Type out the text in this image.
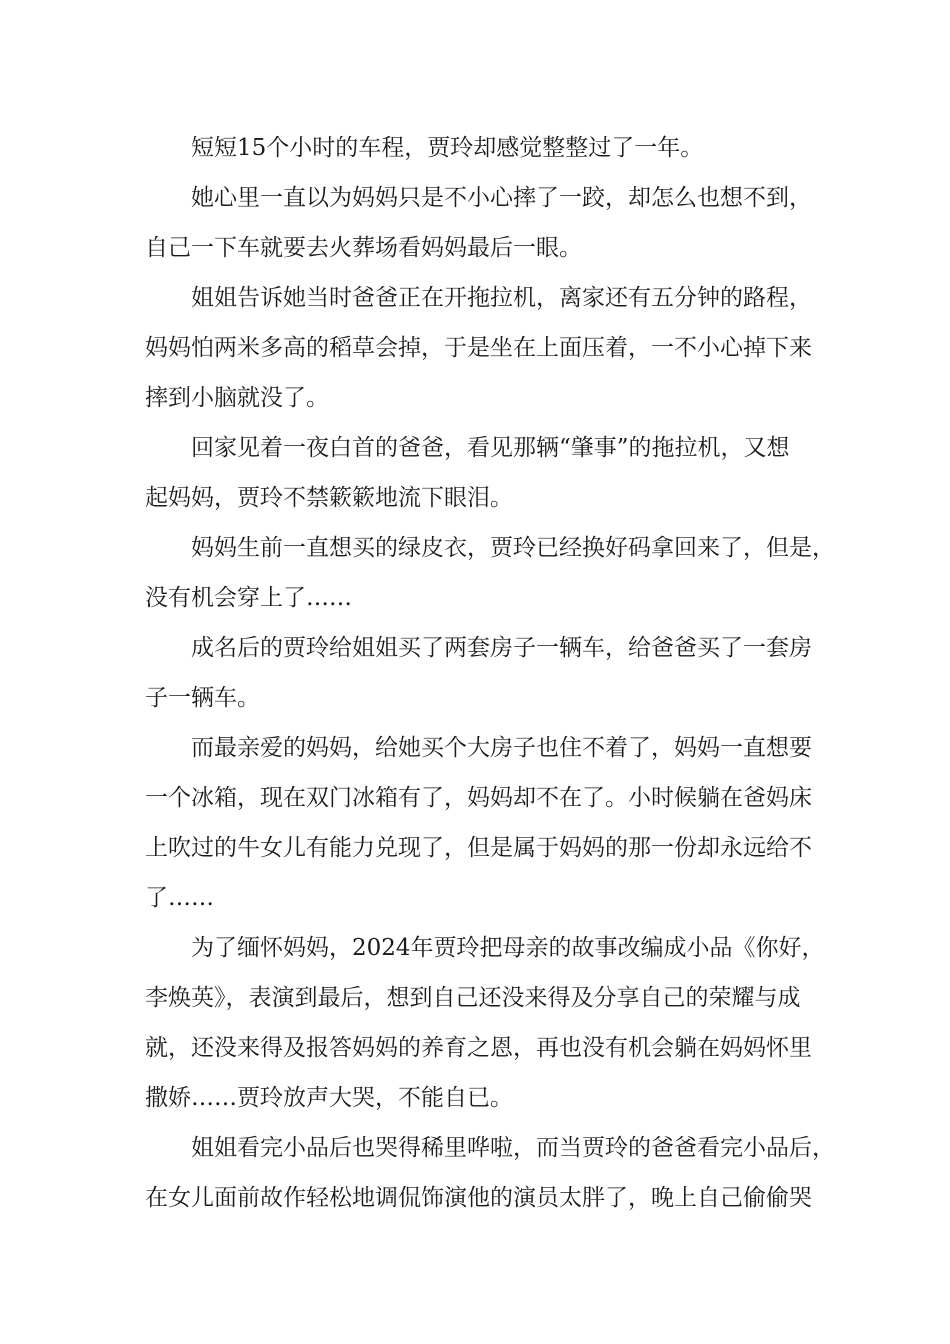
短短15个小时的车程，贾玲却感觉整整过了一年。
她心里一直以为妈妈只是不小心摔了一跤，却怎么也想不到，
自己一下车就要去火葬场看妈妈最后一眼。
姐姐告诉她当时爸爸正在开拖拉机，离家还有五分钟的路程，
妈妈怕两米多高的稻草会掉，于是坐在上面压着，一不小心掉下来
摔到小脑就没了。
回家见着一夜白首的爸爸，看见那辆“肇事”的拖拉机，又想
起妈妈，贾玲不禁簌簌地流下眼泪。
妈妈生前一直想买的绿皮衣，贾玲已经换好码拿回来了，但是，
没有机会穿上了……
成名后的贾玲给姐姐买了两套房子一辆车，给爸爸买了一套房
子一辆车。
而最亲爱的妈妈，给她买个大房子也住不着了，妈妈一直想要
一个冰箱，现在双门冰箱有了，妈妈却不在了。小时候躺在爸妈床
上吹过的牛女儿有能力兑现了，但是属于妈妈的那一份却永远给不
了……
为了缅怀妈妈，2024年贾玲把母亲的故事改编成小品《你好，
李焕英》，表演到最后，想到自己还没来得及分享自己的荣耀与成
就，还没来得及报答妈妈的养育之恩，再也没有机会躺在妈妈怀里
撒娇……贾玲放声大哭，不能自已。
姐姐看完小品后也哭得稀里哗啦，而当贾玲的爸爸看完小品后，
在女儿面前故作轻松地调侃饰演他的演员太胖了，晚上自己偷偷哭
